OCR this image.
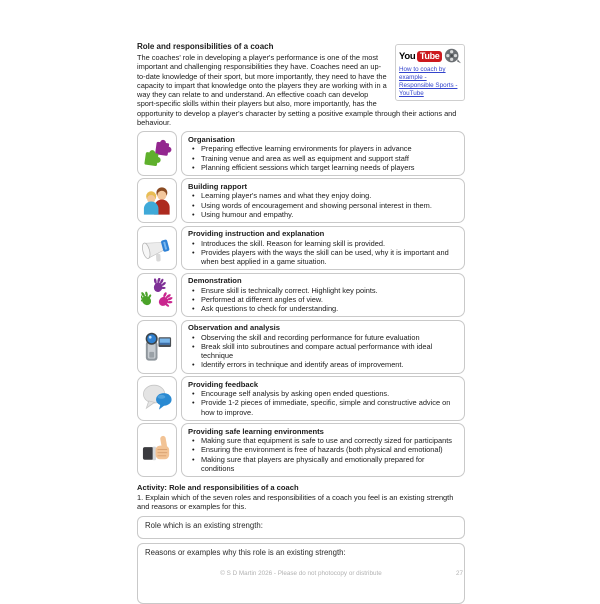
You Tube
How to coach by example - Responsible Sports - YouTube
Role and responsibilities of a coach

The coaches' role in developing a player's performance is one of the most important and challenging responsibilities they have. Coaches need an up-to-date knowledge of their sport, but more importantly, they need to have the capacity to impart that knowledge onto the players they are working with in a way they can relate to and understand. An effective coach can develop sport-specific skills within their players but also, more importantly, has the opportunity to develop a player's character by setting a positive example through their actions and behaviour.

Organisation
• Preparing effective learning environments for players in advance
• Training venue and area as well as equipment and support staff
• Planning efficient sessions which target learning needs of players
Building rapport
• Learning player's names and what they enjoy doing.
• Using words of encouragement and showing personal interest in them.
• Using humour and empathy.
Providing instruction and explanation
• Introduces the skill. Reason for learning skill is provided.
• Provides players with the ways the skill can be used, why it is important and when best applied in a game situation.
Demonstration
• Ensure skill is technically correct. Highlight key points.
• Performed at different angles of view.
• Ask questions to check for understanding.
Observation and analysis
• Observing the skill and recording performance for future evaluation
• Break skill into subroutines and compare actual performance with ideal technique
• Identify errors in technique and identify areas of improvement.
Providing feedback
• Encourage self analysis by asking open ended questions.
• Provide 1-2 pieces of immediate, specific, simple and constructive advice on how to improve.
Providing safe learning environments
• Making sure that equipment is safe to use and correctly sized for participants
• Ensuring the environment is free of hazards (both physical and emotional)
• Making sure that players are physically and emotionally prepared for conditions
Activity: Role and responsibilities of a coach
1. Explain which of the seven roles and responsibilities of a coach you feel is an existing strength and reasons or examples for this.
Role which is an existing strength:
Reasons or examples why this role is an existing strength:
© S D Martin 2026 - Please do not photocopy or distribute	27
